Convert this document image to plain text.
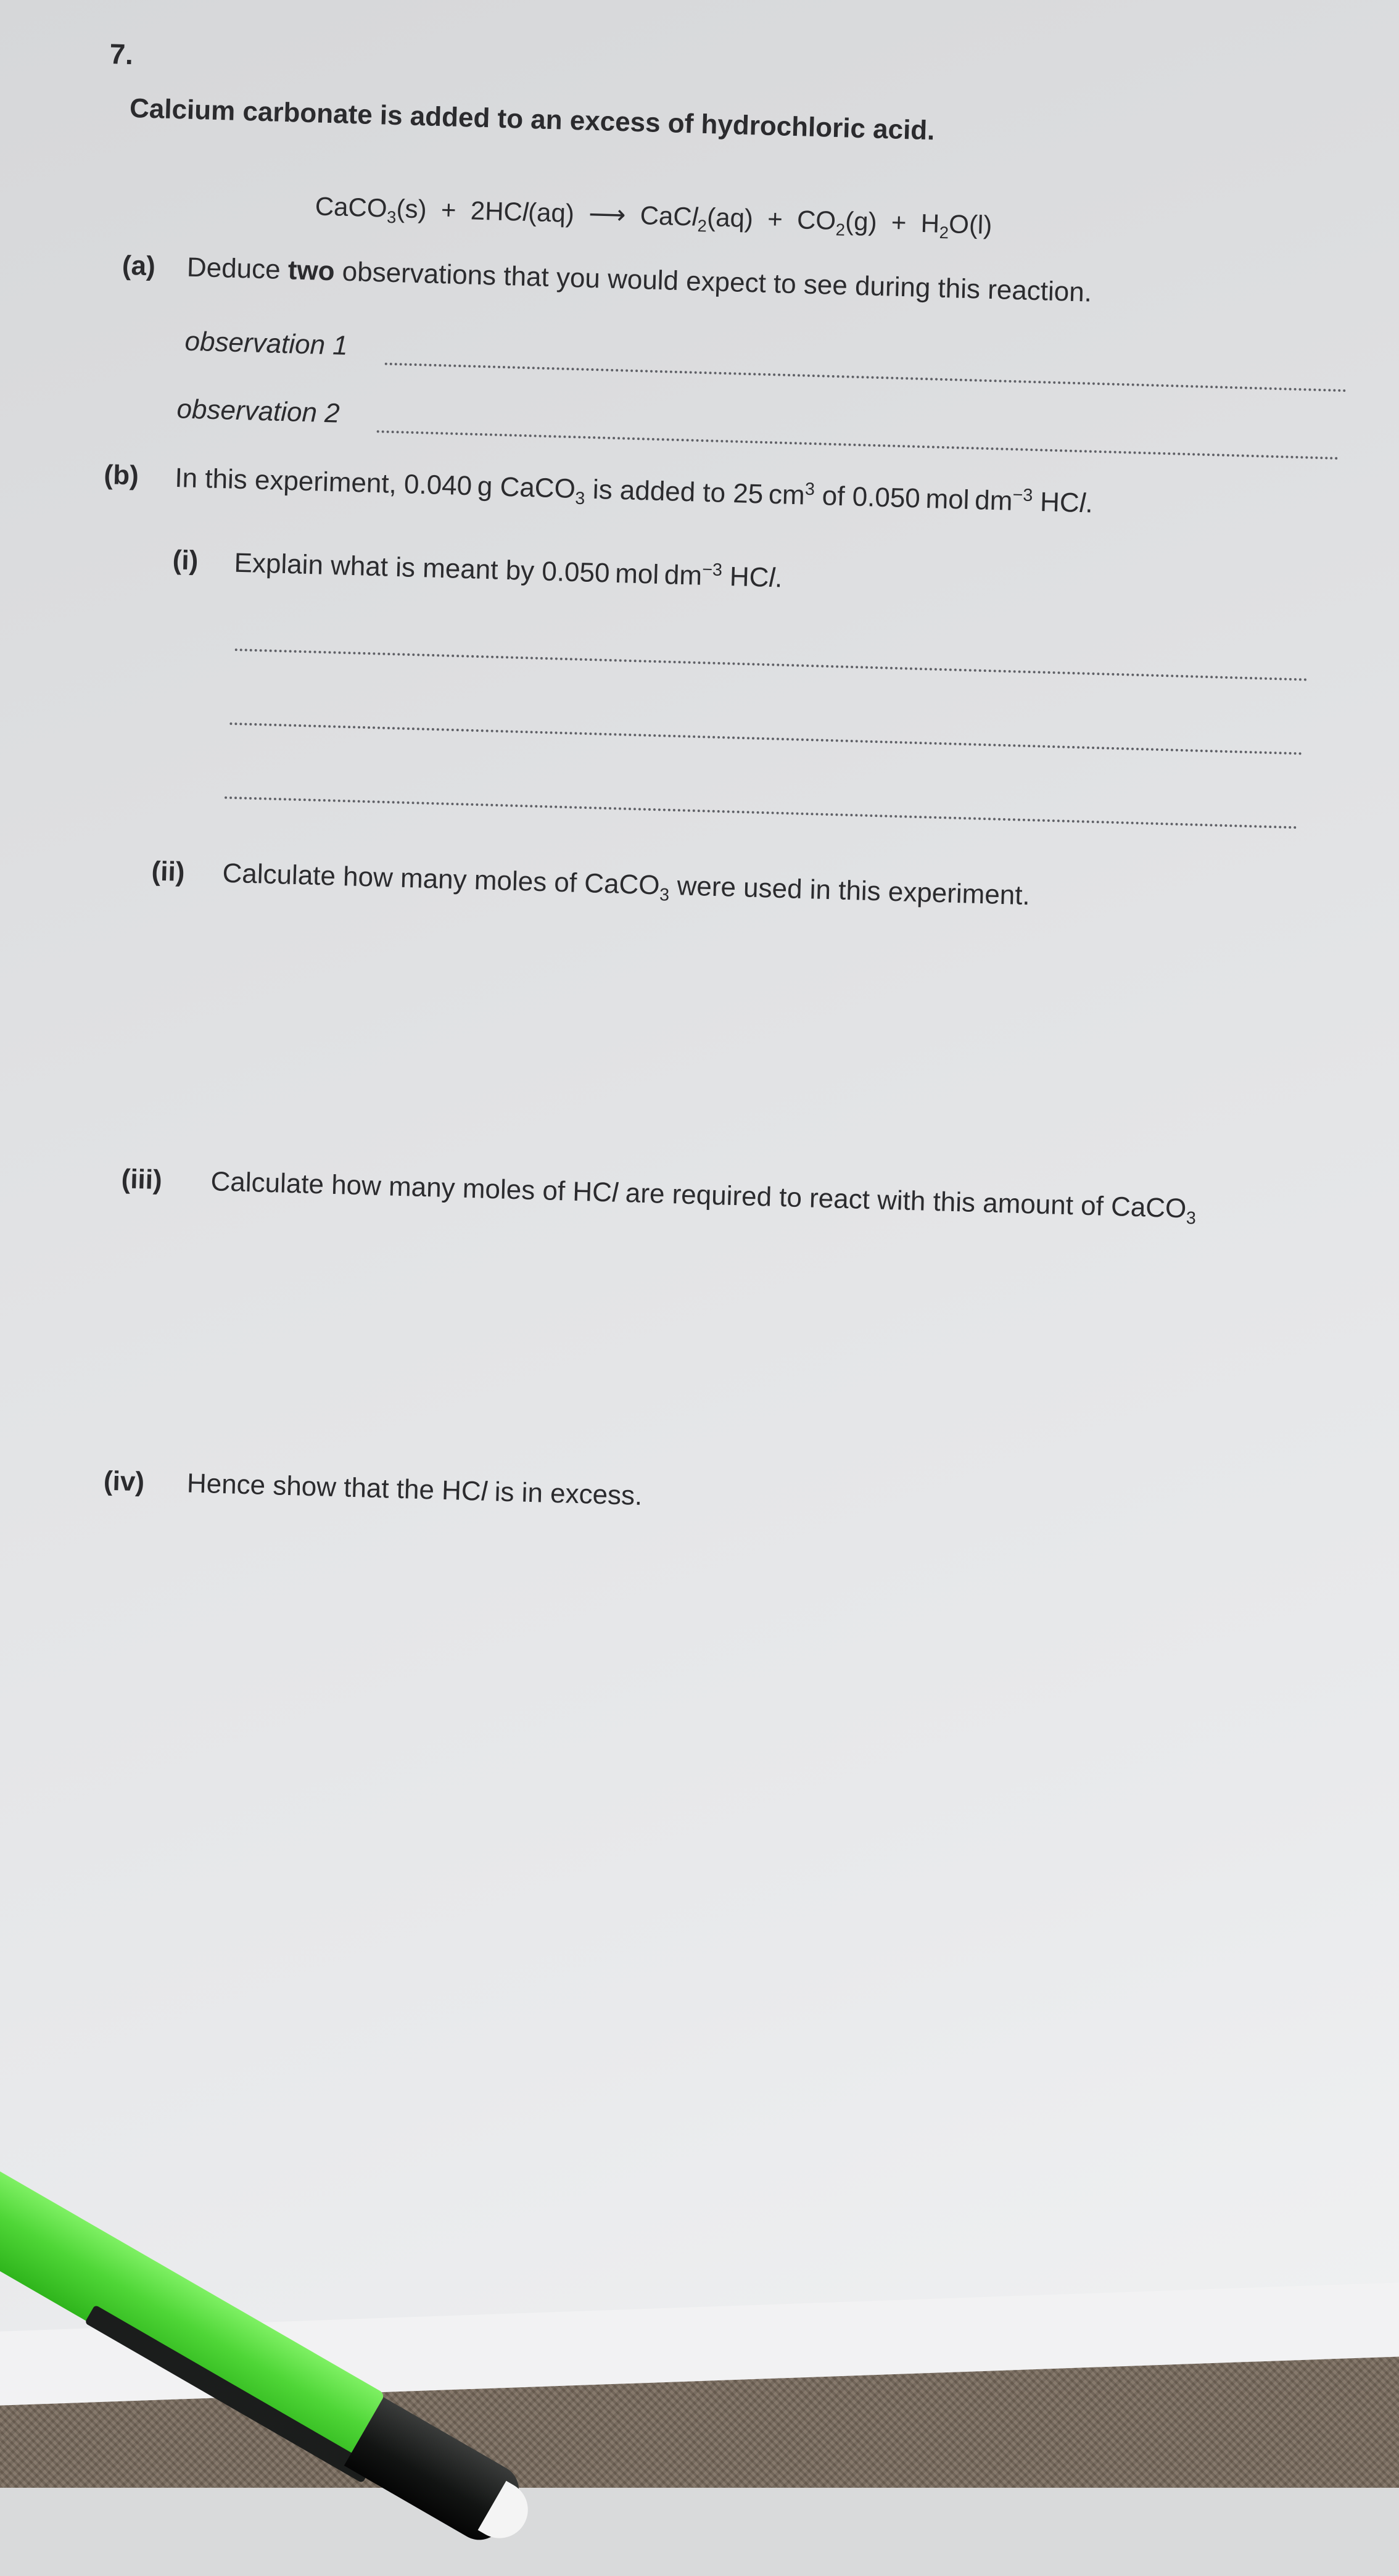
7.
Calcium carbonate is added to an excess of hydrochloric acid.
CaCO$_3$(s) + 2HCl(aq) ⟶ CaCl$_2$(aq) + $CO_2(g) + H_2O(l)$
(a) Deduce two observations that you would expect to see during this reaction.
observation 1
observation 2
(b) In this experiment, 0.040 g CaCO$_3$ is added to 25 $cm^3$ of 0.050 mol $dm^{-3}$ HCl.
(i) Explain what is meant by 0.050 mol $dm^{-3}$ HCl.
(ii) Calculate how many moles of CaCO$_3$ were used in this experiment.
(iii) Calculate how many moles of HCl are required to react with this amount of CaCO$_3$
(iv) Hence show that the HCl is in excess.
